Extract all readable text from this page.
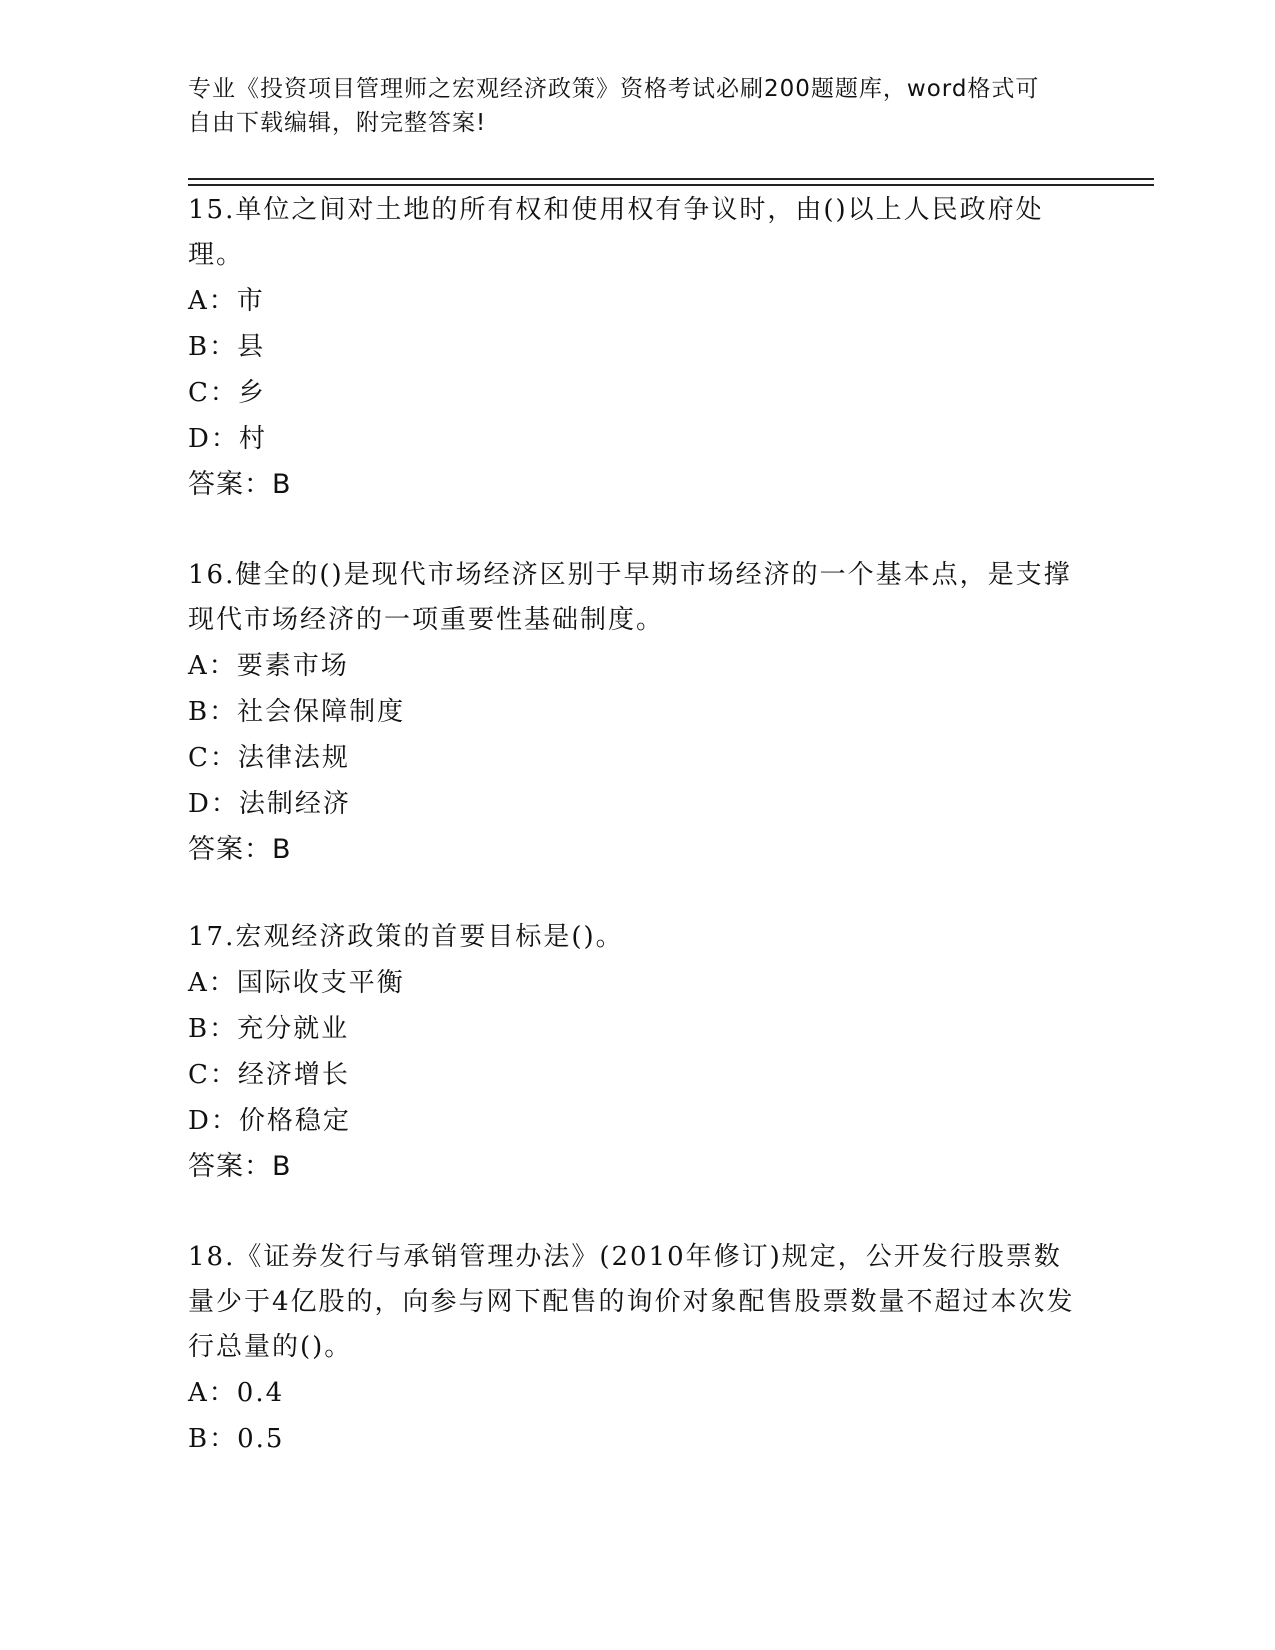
专业《投资项目管理师之宏观经济政策》资格考试必刷200题题库，word格式可
自由下载编辑，附完整答案!

15.单位之间对土地的所有权和使用权有争议时，由()以上人民政府处理。

A：市

B：县

C：乡

D：村

答案：B

16.健全的()是现代市场经济区别于早期市场经济的一个基本点，是支撑现代市场经济的一项重要性基础制度。

A：要素市场

B：社会保障制度

C：法律法规

D：法制经济

答案：B

17.宏观经济政策的首要目标是()。

A：国际收支平衡

B：充分就业

C：经济增长

D：价格稳定

答案：B

18.《证券发行与承销管理办法》(2010年修订)规定，公开发行股票数量少于4亿股的，向参与网下配售的询价对象配售股票数量不超过本次发行总量的()。

A：0.4

B：0.5
